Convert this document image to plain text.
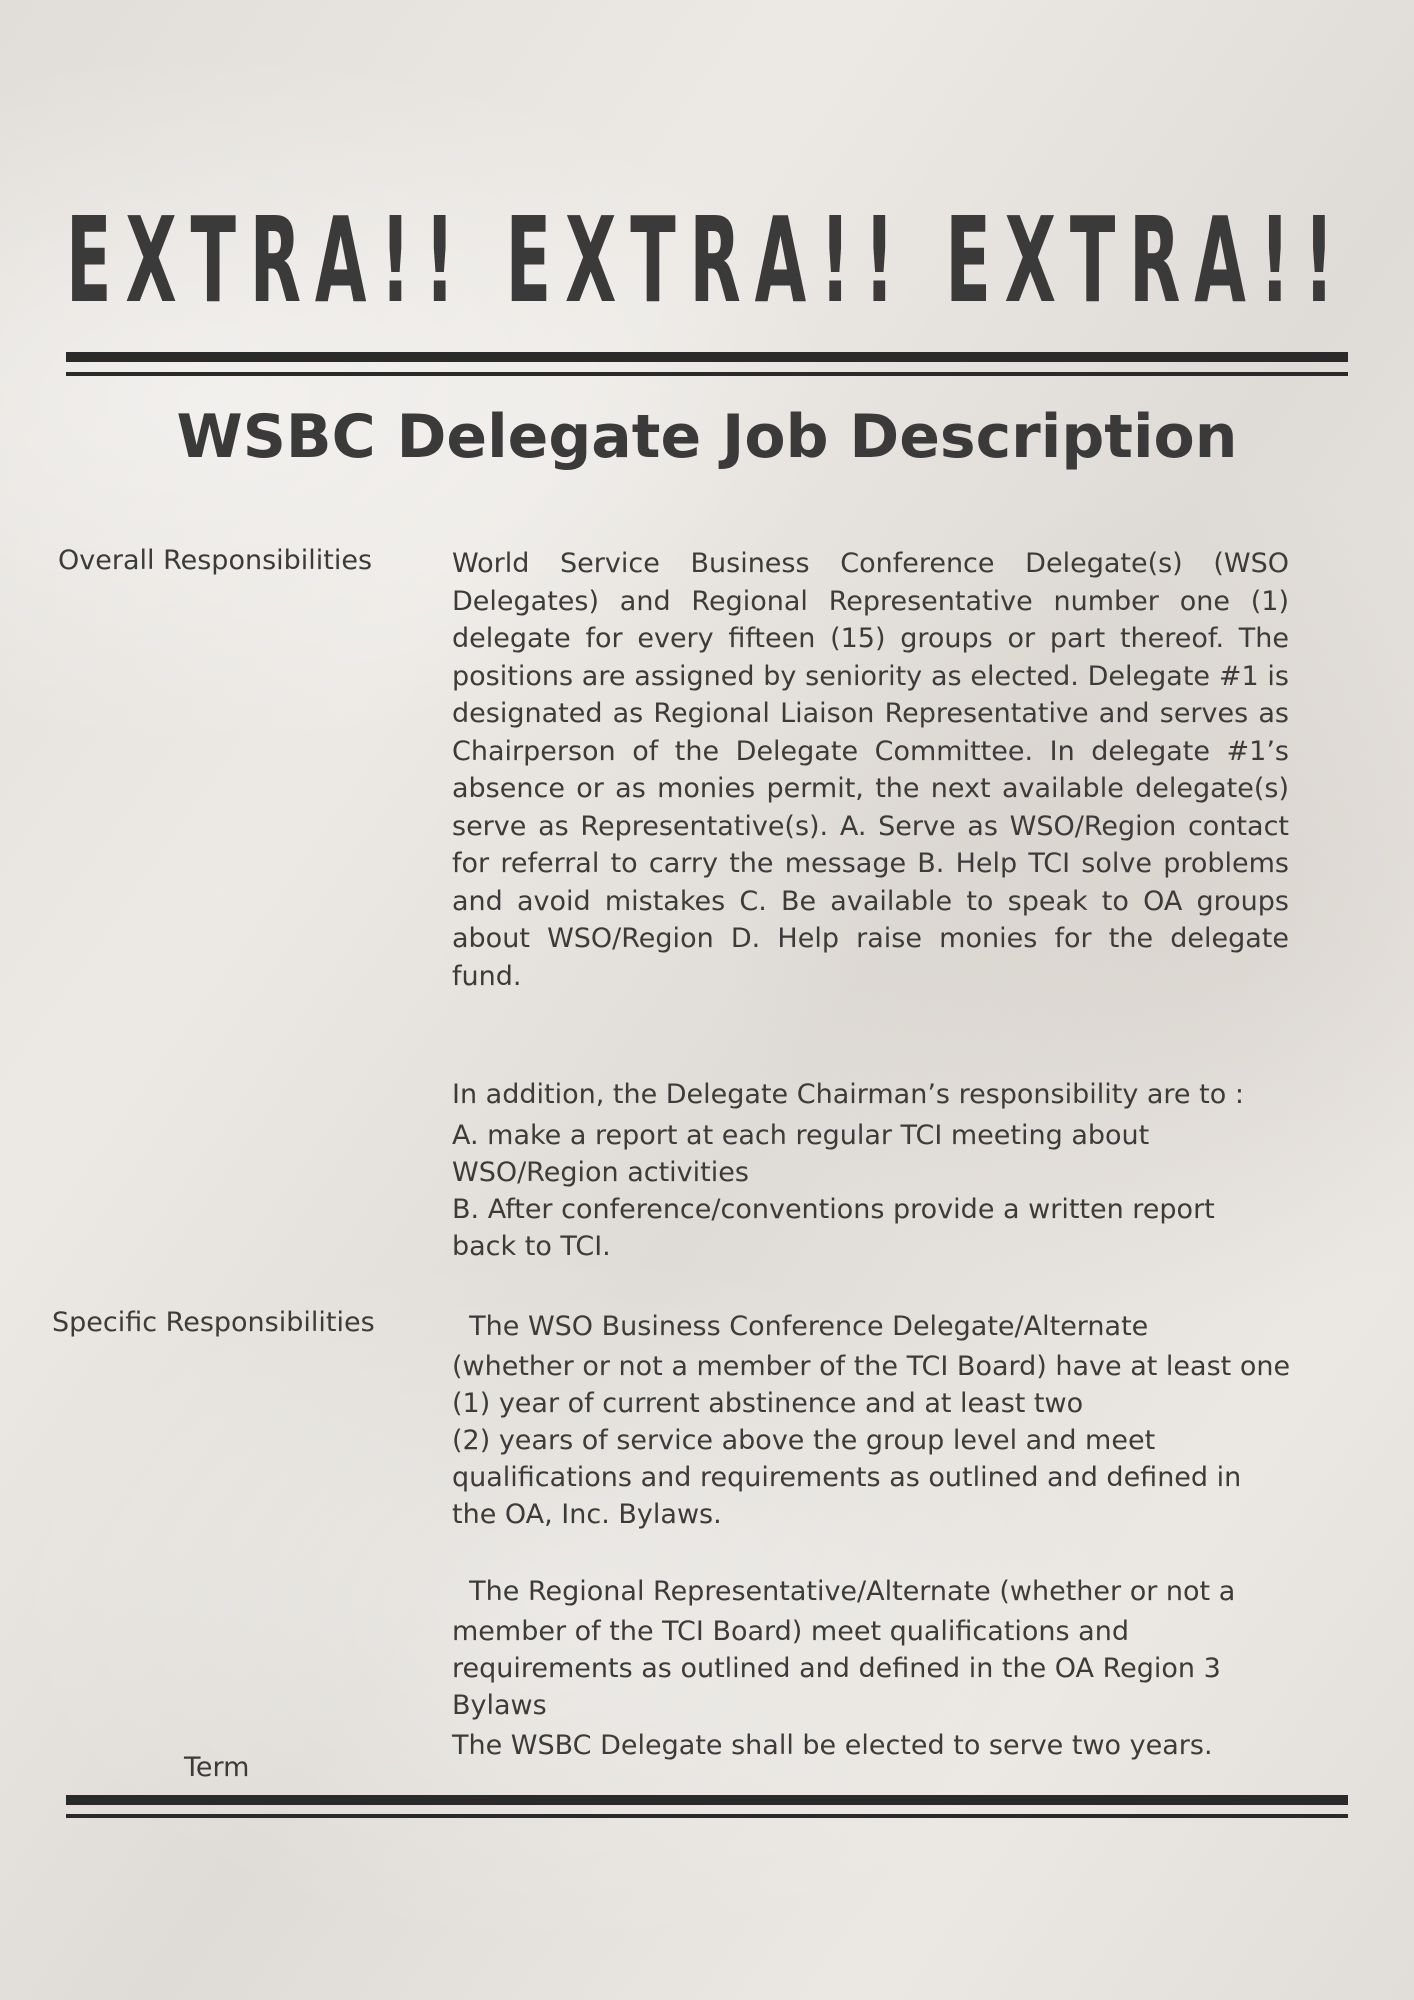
EXTRA!! EXTRA!! EXTRA!!
WSBC Delegate Job Description
Overall Responsibilities	World Service Business Conference Delegate(s) (WSO Delegates) and Regional Representative number one (1) delegate for every fifteen (15) groups or part thereof. The positions are assigned by seniority as elected. Delegate #1 is designated as Regional Liaison Representative and serves as Chairperson of the Delegate Committee. In delegate #1’s absence or as monies permit, the next available delegate(s) serve as Representative(s). A. Serve as WSO/Region contact for referral to carry the message B. Help TCI solve problems and avoid mistakes C. Be available to speak to OA groups about WSO/Region D. Help raise monies for the delegate fund.
In addition, the Delegate Chairman’s responsibility are to :
A. make a report at each regular TCI meeting about
WSO/Region activities
B. After conference/conventions provide a written report
back to TCI.
Specific Responsibilities	The WSO Business Conference Delegate/Alternate
(whether or not a member of the TCI Board) have at least one
(1) year of current abstinence and at least two
(2) years of service above the group level and meet
qualifications and requirements as outlined and defined in
the OA, Inc. Bylaws.
The Regional Representative/Alternate (whether or not a
member of the TCI Board) meet qualifications and
requirements as outlined and defined in the OA Region 3
Bylaws
The WSBC Delegate shall be elected to serve two years.
Term
